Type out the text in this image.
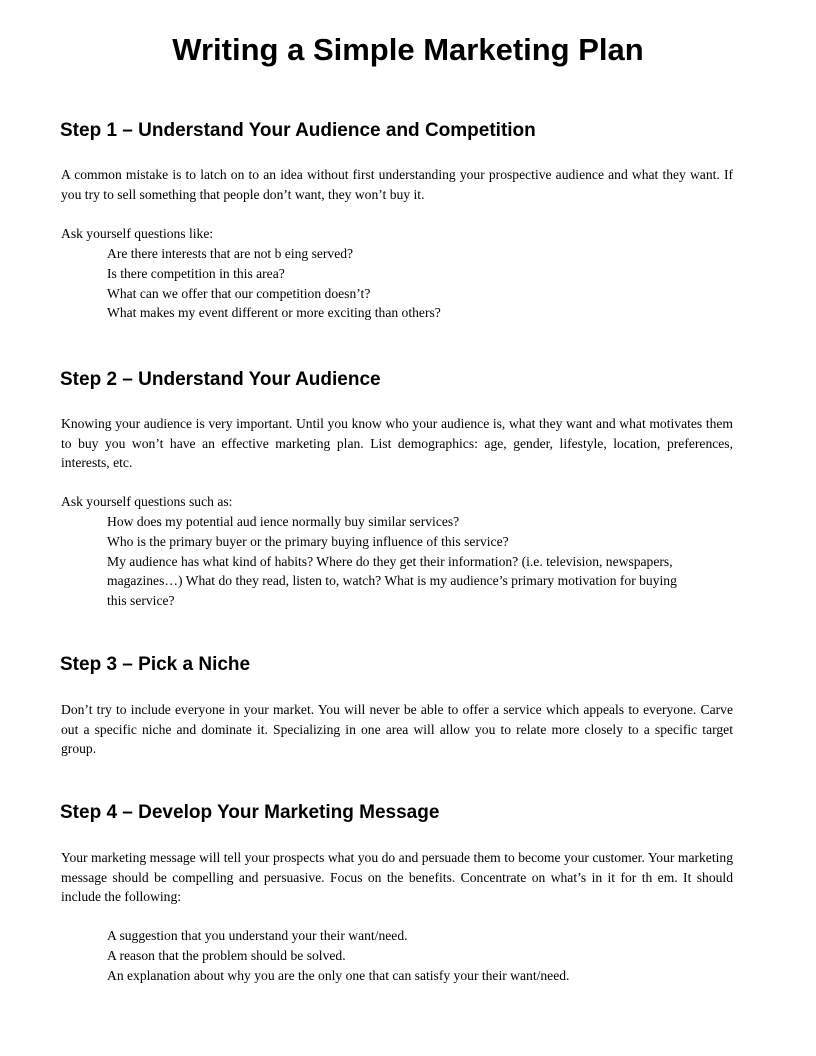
Writing a Simple Marketing Plan
Step 1 – Understand Your Audience and Competition

A common mistake is to latch on to an idea without first understanding your prospective audience and what they want. If you try to sell something that people don’t want, they won’t buy it.

Ask yourself questions like:

Are there interests that are not b eing served?
Is there competition in this area?
What can we offer that our competition doesn’t?
What makes my event different or more exciting than others?
Step 2 – Understand Your Audience

Knowing your audience is very important. Until you know who your audience is, what they want and what motivates them to buy you won’t have an effective marketing plan. List demographics: age, gender, lifestyle, location, preferences, interests, etc.

Ask yourself questions such as:

How does my potential aud ience normally buy similar services?
Who is the primary buyer or the primary buying influence of this service?
My audience has what kind of habits? Where do they get their information? (i.e. television, newspapers, magazines…) What do they read, listen to, watch? What is my audience’s primary motivation for buying this service?
Step 3 – Pick a Niche

Don’t try to include everyone in your market. You will never be able to offer a service which appeals to everyone. Carve out a specific niche and dominate it. Specializing in one area will allow you to relate more closely to a specific target group.

Step 4 – Develop Your Marketing Message

Your marketing message will tell your prospects what you do and persuade them to become your customer. Your marketing message should be compelling and persuasive. Focus on the benefits. Concentrate on what’s in it for th em. It should include the following:

A suggestion that you understand your their want/need.
A reason that the problem should be solved.
An explanation about why you are the only one that can satisfy your their want/need.
